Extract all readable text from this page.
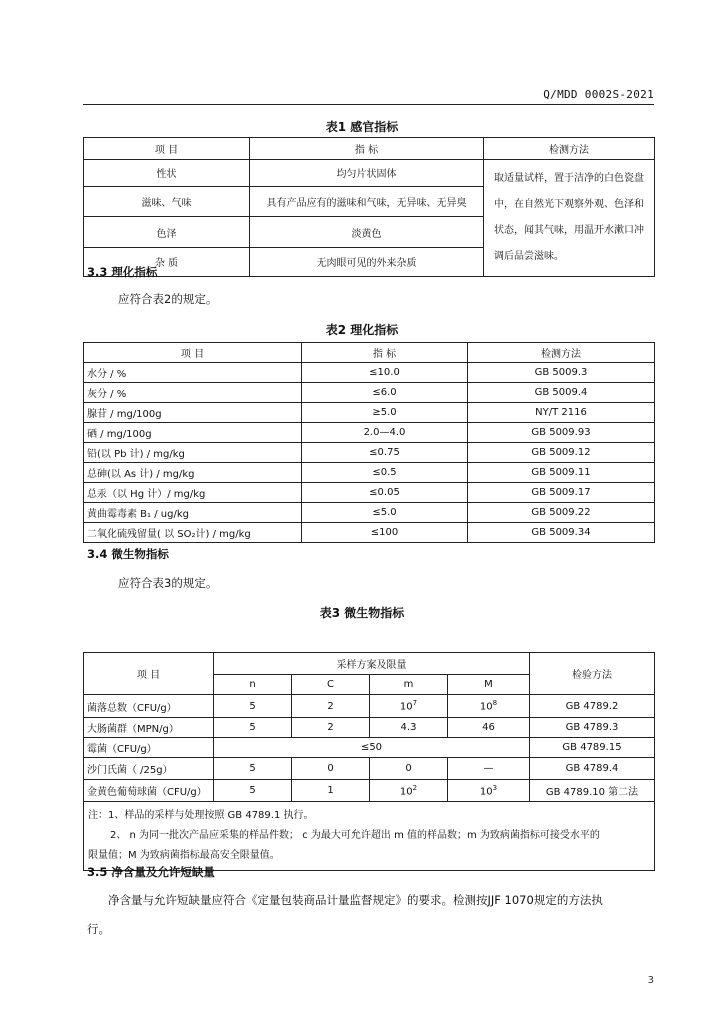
Q/MDD 0002S-2021
表1 感官指标
项 目	指 标	检测方法
性状	均匀片状固体	取适量试样，置于洁净的白色瓷盘中，在自然光下观察外观、色泽和状态，闻其气味，用温开水漱口冲调后品尝滋味。
滋味、气味	具有产品应有的滋味和气味，无异味、无异臭	
色泽	淡黄色	
杂 质	无肉眼可见的外来杂质	
3.3 理化指标
应符合表2的规定。
表2 理化指标
项 目	指 标	检测方法
水分 / %	≤10.0	GB 5009.3
灰分 / %	≤6.0	GB 5009.4
腺苷 / mg/100g	≥5.0	NY/T 2116
硒 / mg/100g	2.0—4.0	GB 5009.93
铅(以 Pb 计) / mg/kg	≤0.75	GB 5009.12
总砷(以 As 计) / mg/kg	≤0.5	GB 5009.11
总汞（以 Hg 计）/ mg/kg	≤0.05	GB 5009.17
黄曲霉毒素 B₁ / ug/kg	≤5.0	GB 5009.22
二氧化硫残留量( 以 SO₂计) / mg/kg	≤100	GB 5009.34
3.4 微生物指标
应符合表3的规定。
表3 微生物指标
项 目	采样方案及限量				检验方法
	n	C	m	M	
菌落总数（CFU/g）	5	2	$10^7$	$10^8$	GB 4789.2
大肠菌群（MPN/g）	5	2	4.3	46	GB 4789.3
霉菌（CFU/g）	≤50				GB 4789.15
沙门氏菌（ /25g）	5	0	0	—	GB 4789.4
金黄色葡萄球菌（CFU/g）	5	1	$10^2$	$10^3$	GB 4789.10 第二法

注：1、样品的采样与处理按照 GB 4789.1 执行。
2、 n 为同一批次产品应采集的样品件数； c 为最大可允许超出 m 值的样品数；m 为致病菌指标可接受水平的
限量值；M 为致病菌指标最高安全限量值。					
3.5 净含量及允许短缺量
净含量与允许短缺量应符合《定量包装商品计量监督规定》的要求。检测按JJF 1070规定的方法执
行。
3
